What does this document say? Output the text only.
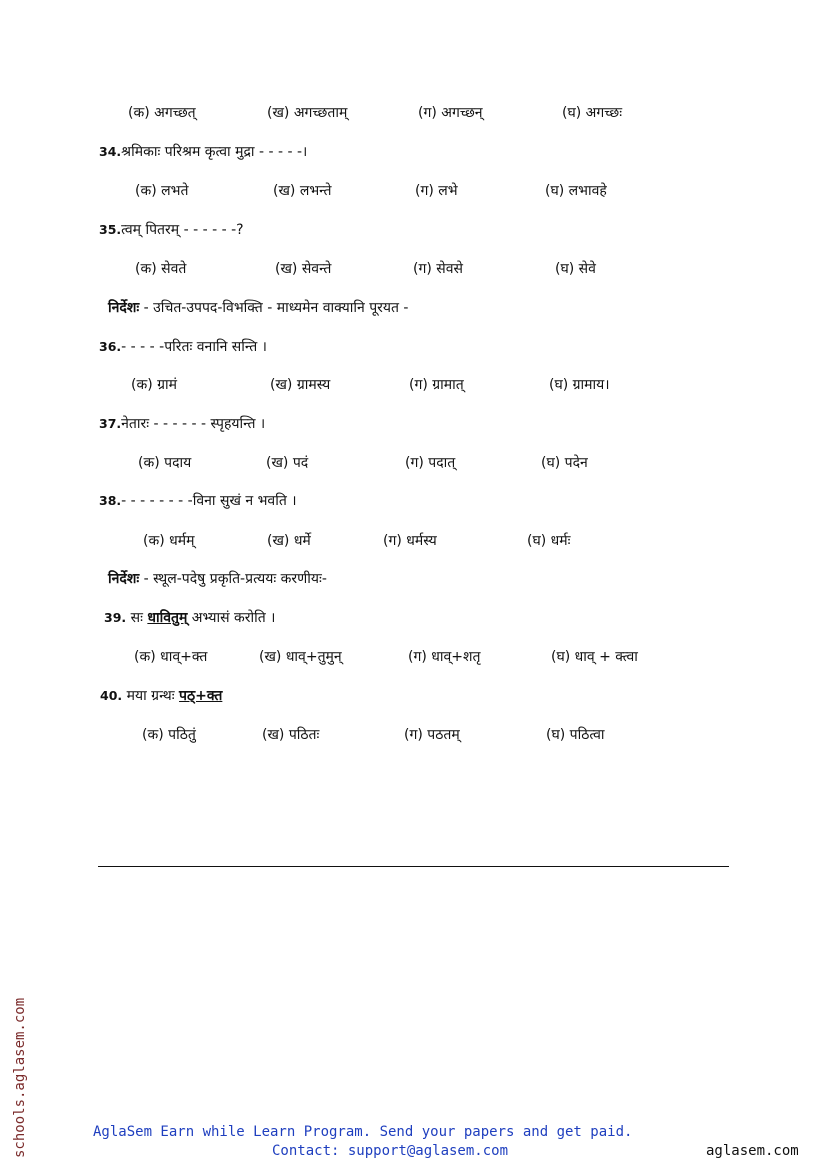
(क) अगच्छत्	(ख) अगच्छताम्	(ग) अगच्छन्	(घ) अगच्छः
34.श्रमिकाः परिश्रम कृत्वा मुद्रा - - - - -।
(क) लभते	(ख) लभन्ते	(ग) लभे	(घ) लभावहे
35.त्वम् पितरम् - - - - - -?
(क) सेवते	(ख) सेवन्ते	(ग) सेवसे	(घ) सेवे
निर्देशः - उचित-उपपद-विभक्ति - माध्यमेन वाक्यानि पूरयत -
36.- - - - -परितः वनानि सन्ति ।
(क) ग्रामं	(ख) ग्रामस्य	(ग) ग्रामात्	(घ) ग्रामाय।
37.नेतारः - - - - - - स्पृहयन्ति ।
(क) पदाय	(ख) पदं	(ग) पदात्	(घ) पदेन
38.- - - - - - - -विना सुखं न भवति ।
(क) धर्मम्	(ख) धर्मे	(ग) धर्मस्य	(घ) धर्मः
निर्देशः - स्थूल-पदेषु प्रकृति-प्रत्ययः करणीयः-
39. सः धावितुम् अभ्यासं करोति ।
(क) धाव्+क्त	(ख) धाव्+तुमुन्	(ग) धाव्+शतृ	(घ) धाव् + क्त्वा
40. मया ग्रन्थः पठ्+क्त
(क) पठितुं	(ख) पठितः	(ग) पठतम्	(घ) पठित्वा
schools.aglasem.com	AglaSem Earn while Learn Program. Send your papers and get paid.
Contact: support@aglasem.com	aglasem.com
